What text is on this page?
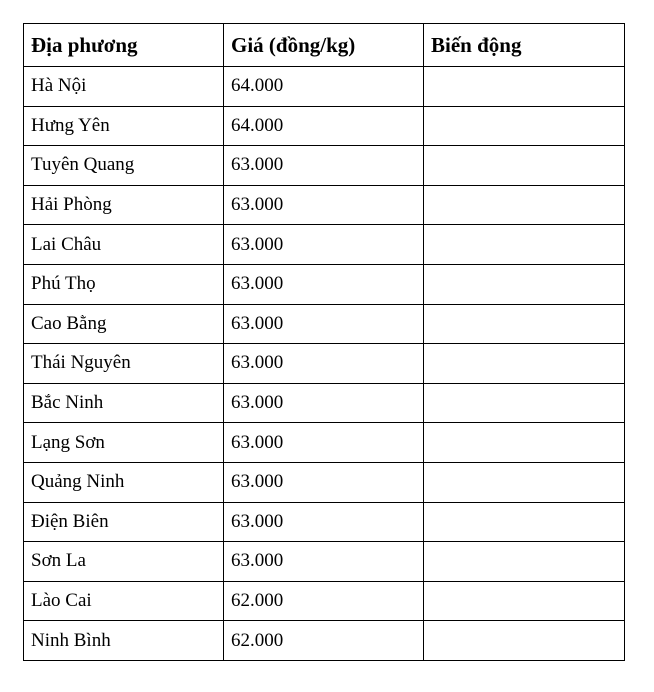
Địa phương	Giá (đồng/kg)	Biến động
Hà Nội	64.000	
Hưng Yên	64.000	
Tuyên Quang	63.000	
Hải Phòng	63.000	
Lai Châu	63.000	
Phú Thọ	63.000	
Cao Bằng	63.000	
Thái Nguyên	63.000	
Bắc Ninh	63.000	
Lạng Sơn	63.000	
Quảng Ninh	63.000	
Điện Biên	63.000	
Sơn La	63.000	
Lào Cai	62.000	
Ninh Bình	62.000	
